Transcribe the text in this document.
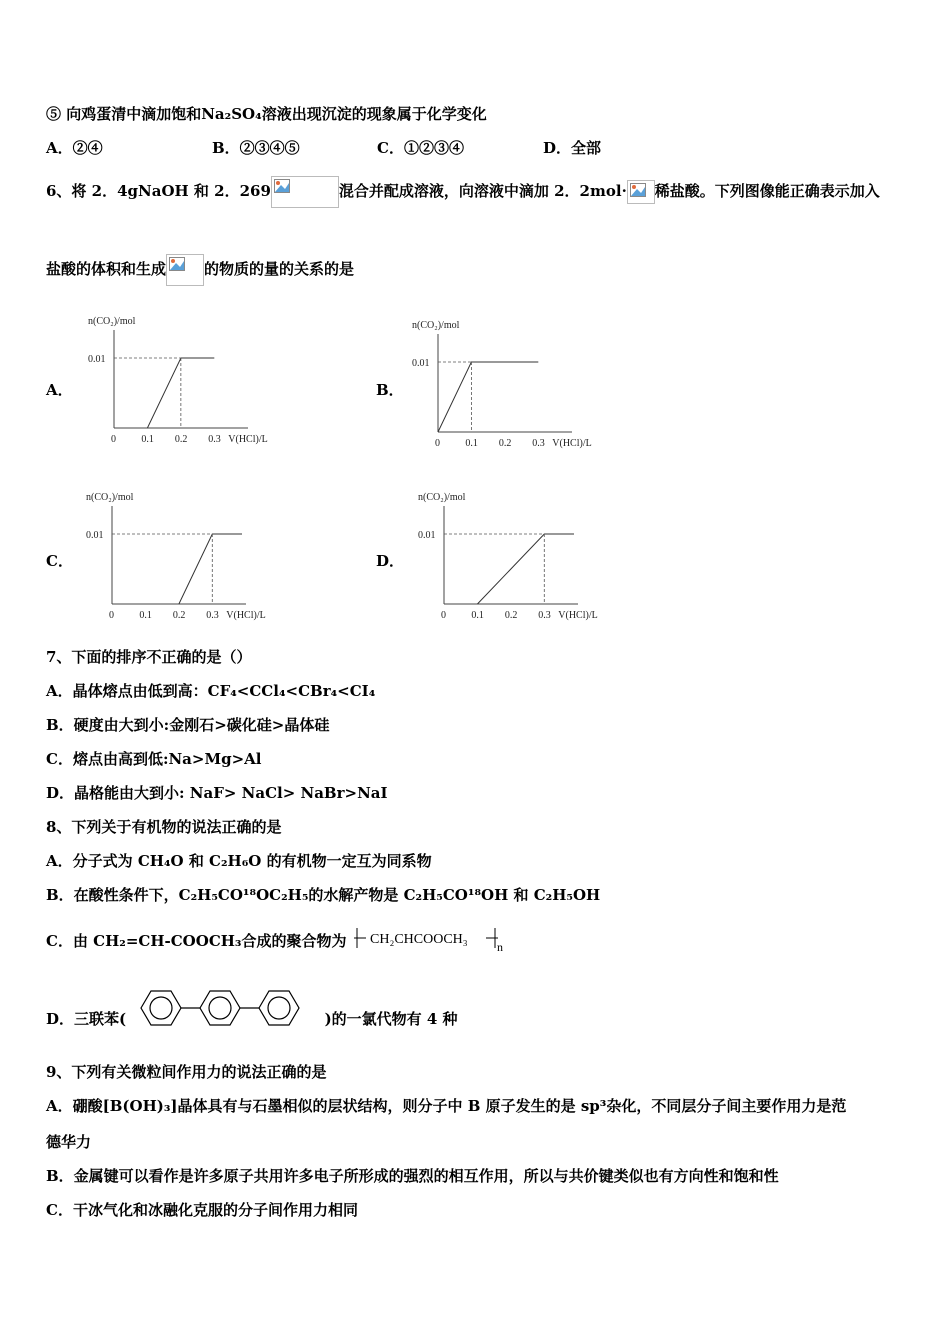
⑤ 向鸡蛋清中滴加饱和Na₂SO₄溶液出现沉淀的现象属于化学变化
A．②④	B．②③④⑤	C．①②③④	D．全部
6、将 2．4gNaOH 和 2．269	混合并配成溶液，向溶液中滴加 2．2mol· 稀盐酸。下列图像能正确表示加入
盐酸的体积和生成	的物质的量的关系的是
A．	B．
C．	D．
n(CO₂)/mol
0.01
0	0.1 0.2 0.3 V(HCl)/L
n(CO₂)/mol
0.01
0	0.1 0.2 0.3 V(HCl)/L
n(CO₂)/mol
0.01
0	0.1 0.2 0.3 V(HCl)/L
n(CO₂)/mol
0.01
0	0.1 0.2 0.3 V(HCl)/L
7、下面的排序不正确的是（）
A．晶体熔点由低到高：CF₄<CCl₄<CBr₄<CI₄
B．硬度由大到小:金刚石>碳化硅>晶体硅
C．熔点由高到低:Na>Mg>Al
D．晶格能由大到小: NaF> NaCl> NaBr>NaI
8、下列关于有机物的说法正确的是
A．分子式为 CH₄O 和 C₂H₆O 的有机物一定互为同系物
B．在酸性条件下，C₂H₅CO¹⁸OC₂H₅的水解产物是 C₂H₅CO¹⁸OH 和 C₂H₅OH
C．由 CH₂=CH-COOCH₃合成的聚合物为 CH₂CHCOOCH₃ n
D．三联苯(	)的一氯代物有 4 种
9、下列有关微粒间作用力的说法正确的是
A．硼酸[B(OH)₃]晶体具有与石墨相似的层状结构，则分子中 B 原子发生的是 sp³杂化，不同层分子间主要作用力是范
德华力
B．金属键可以看作是许多原子共用许多电子所形成的强烈的相互作用，所以与共价键类似也有方向性和饱和性
C．干冰气化和冰融化克服的分子间作用力相同
